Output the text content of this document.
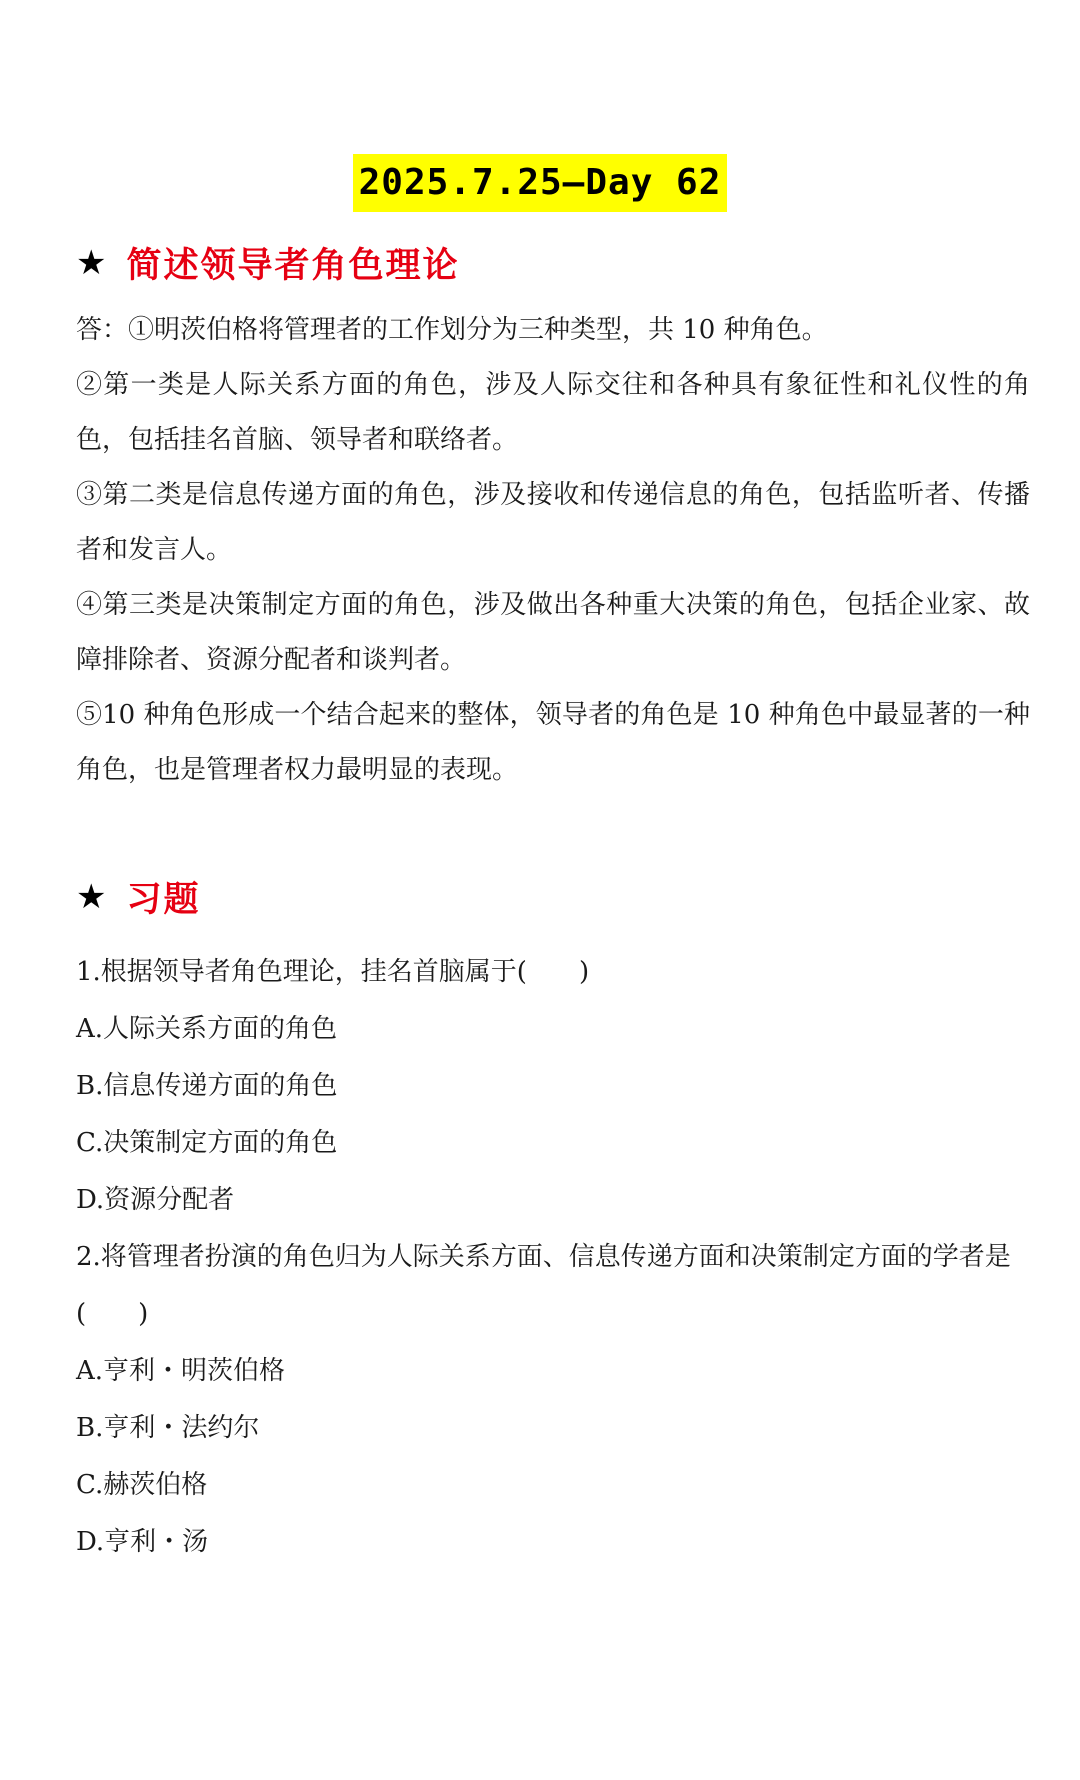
2025.7.25—Day 62
★ 简述领导者角色理论

答：①明茨伯格将管理者的工作划分为三种类型，共 10 种角色。

②第一类是人际关系方面的角色，涉及人际交往和各种具有象征性和礼仪性的角色，包括挂名首脑、领导者和联络者。

③第二类是信息传递方面的角色，涉及接收和传递信息的角色，包括监听者、传播者和发言人。

④第三类是决策制定方面的角色，涉及做出各种重大决策的角色，包括企业家、故障排除者、资源分配者和谈判者。

⑤10 种角色形成一个结合起来的整体，领导者的角色是 10 种角色中最显著的一种角色，也是管理者权力最明显的表现。

★ 习题

1.根据领导者角色理论，挂名首脑属于(　　)

A.人际关系方面的角色

B.信息传递方面的角色

C.决策制定方面的角色

D.资源分配者

2.将管理者扮演的角色归为人际关系方面、信息传递方面和决策制定方面的学者是(　　)

A.亨利・明茨伯格

B.亨利・法约尔

C.赫茨伯格

D.亨利・汤
